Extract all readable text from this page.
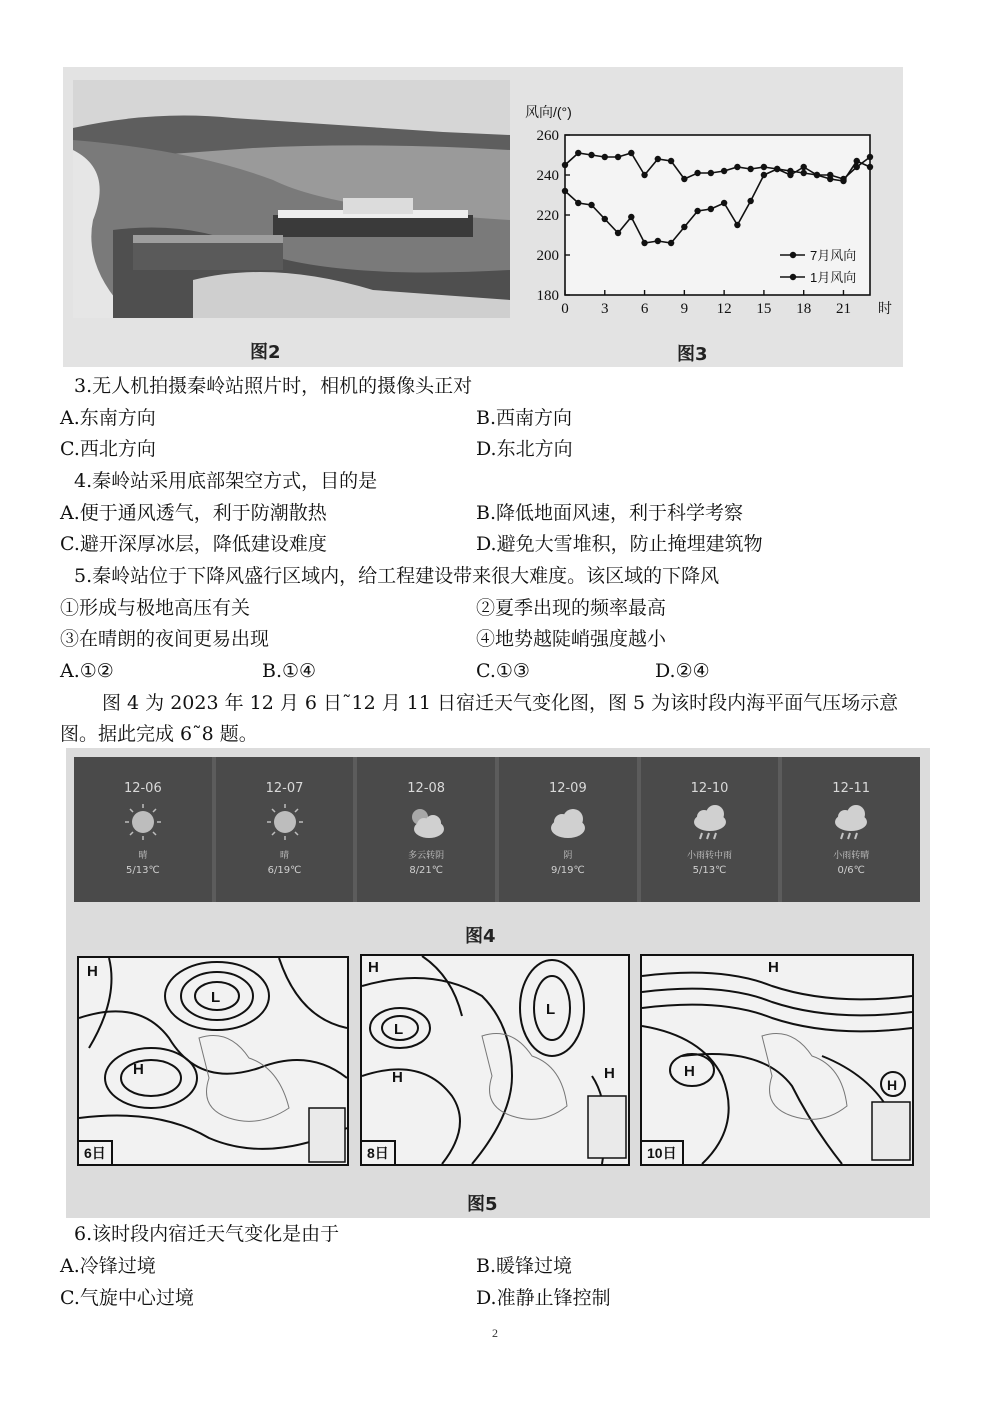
180
200
220
240
260
0 3 6 9 12 15 18 21
风向/(°)
时
7月风向
1月风向
图2	图3
3.无人机拍摄秦岭站照片时，相机的摄像头正对
A.东南方向	B.西南方向
C.西北方向	D.东北方向
4.秦岭站采用底部架空方式，目的是
A.便于通风透气，利于防潮散热	B.降低地面风速，利于科学考察
C.避开深厚冰层，降低建设难度	D.避免大雪堆积，防止掩埋建筑物
5.秦岭站位于下降风盛行区域内，给工程建设带来很大难度。该区域的下降风
①形成与极地高压有关	②夏季出现的频率最高
③在晴朗的夜间更易出现	④地势越陡峭强度越小
A.①②	B.①④	C.①③	D.②④
图 4 为 2023 年 12 月 6 日˜12 月 11 日宿迁天气变化图，图 5 为该时段内海平面气压场示意图。据此完成 6˜8 题。
12-06
晴
5/13℃
12-07
晴
6/19℃
12-08
多云转阴
8/21℃
12-09
阴
9/19℃
12-10
小雨转中雨
5/13℃
12-11
小雨转晴
0/6℃
图4
H
L
H
6日
H
L
H
L
H
8日
H
H
H
10日
图5
6.该时段内宿迁天气变化是由于
A.冷锋过境	B.暖锋过境
C.气旋中心过境	D.准静止锋控制
2
